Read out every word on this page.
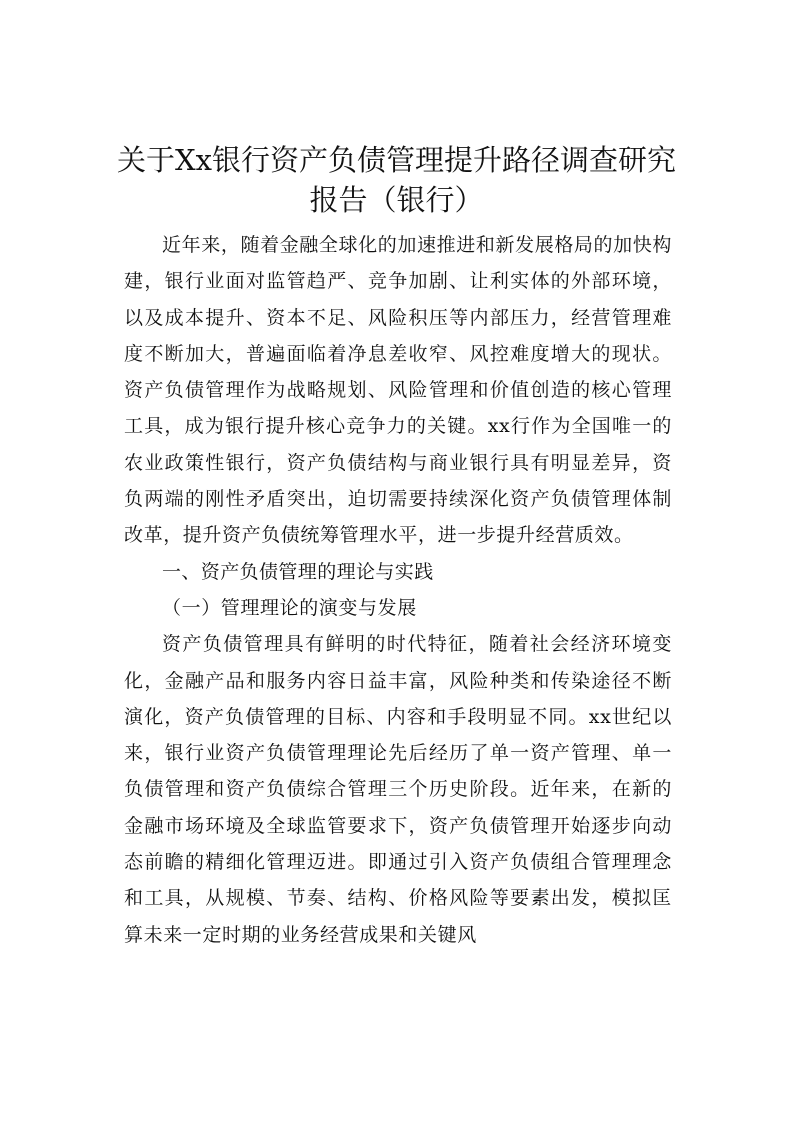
关于Xx银行资产负债管理提升路径调查研究报告（银行）

近年来，随着金融全球化的加速推进和新发展格局的加快构建，银行业面对监管趋严、竞争加剧、让利实体的外部环境，以及成本提升、资本不足、风险积压等内部压力，经营管理难度不断加大，普遍面临着净息差收窄、风控难度增大的现状。资产负债管理作为战略规划、风险管理和价值创造的核心管理工具，成为银行提升核心竞争力的关键。xx行作为全国唯一的农业政策性银行，资产负债结构与商业银行具有明显差异，资负两端的刚性矛盾突出，迫切需要持续深化资产负债管理体制改革，提升资产负债统筹管理水平，进一步提升经营质效。

一、资产负债管理的理论与实践

（一）管理理论的演变与发展

资产负债管理具有鲜明的时代特征，随着社会经济环境变化，金融产品和服务内容日益丰富，风险种类和传染途径不断演化，资产负债管理的目标、内容和手段明显不同。xx世纪以来，银行业资产负债管理理论先后经历了单一资产管理、单一负债管理和资产负债综合管理三个历史阶段。近年来，在新的金融市场环境及全球监管要求下，资产负债管理开始逐步向动态前瞻的精细化管理迈进。即通过引入资产负债组合管理理念和工具，从规模、节奏、结构、价格风险等要素出发，模拟匡算未来一定时期的业务经营成果和关键风
